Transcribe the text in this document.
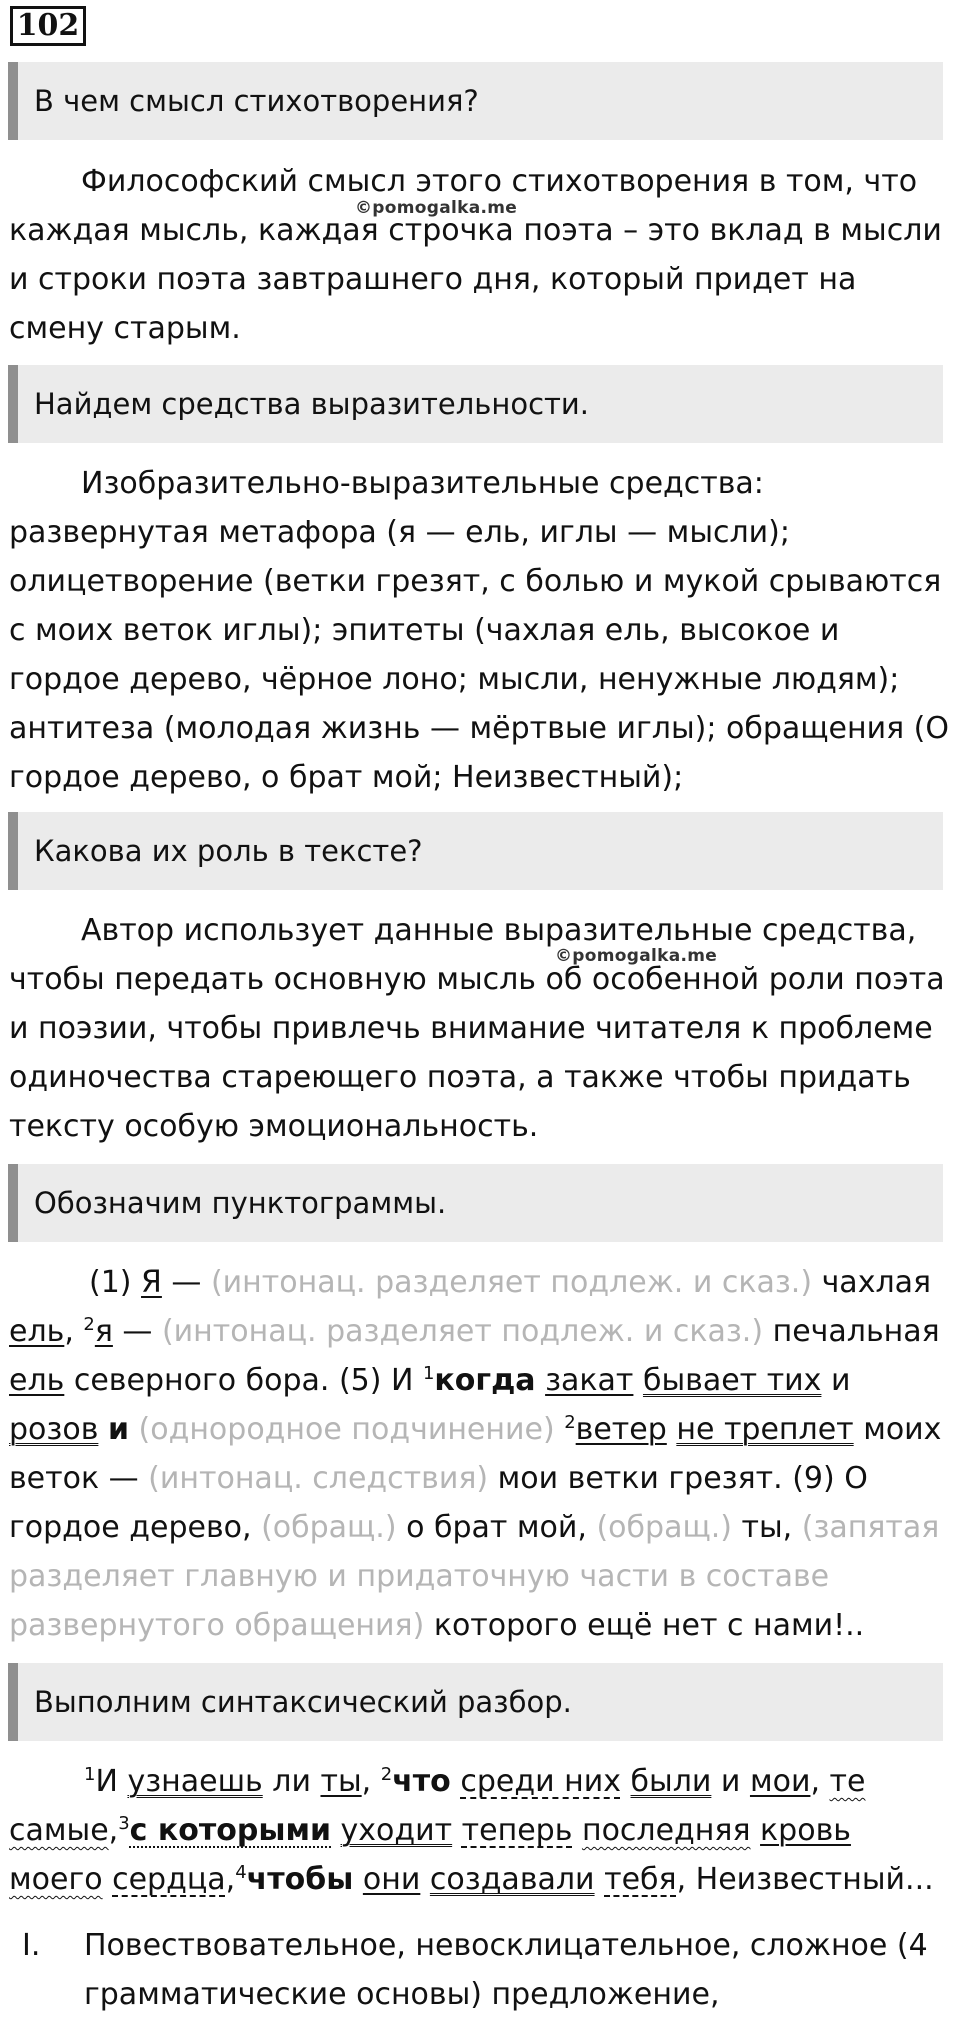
102
В чем смысл стихотворения?
Философский смысл этого стихотворения в том, что каждая мысль, каждая строчка поэта – это вклад в мысли и строки поэта завтрашнего дня, который придет на смену старым.
©pomogalka.me
Найдем средства выразительности.
Изобразительно-выразительные средства: развернутая метафора (я — ель, иглы — мысли); олицетворение (ветки грезят, с болью и мукой срываются с моих веток иглы); эпитеты (чахлая ель, высокое и гордое дерево, чёрное лоно; мысли, ненужные людям); антитеза (молодая жизнь — мёртвые иглы); обращения (О гордое дерево, о брат мой; Неизвестный);
Какова их роль в тексте?
Автор использует данные выразительные средства, чтобы передать основную мысль об особенной роли поэта и поэзии, чтобы привлечь внимание читателя к проблеме одиночества стареющего поэта, а также чтобы придать тексту особую эмоциональность.
©pomogalka.me
Обозначим пунктограммы.
(1) Я — (интонац. разделяет подлеж. и сказ.) чахлая ель, $^2$я — (интонац. разделяет подлеж. и сказ.) печальная ель северного бора. (5) И $^1$когда закат бывает тих и розов и (однородное подчинение) $^2$ветер не треплет моих веток — (интонац. следствия) мои ветки грезят. (9) О гордое дерево, (обращ.) о брат мой, (обращ.) ты, (запятая разделяет главную и придаточную части в составе развернутого обращения) которого ещё нет с нами!..
Выполним синтаксический разбор.
$^1$И узнаешь ли ты, $^2$что среди них были и мои, те самые,$^3$с которыми уходит теперь последняя кровь моего сердца,$^4$чтобы они создавали тебя, Неизвестный...
I. Повествовательное, невосклицательное, сложное (4 грамматические основы) предложение,
